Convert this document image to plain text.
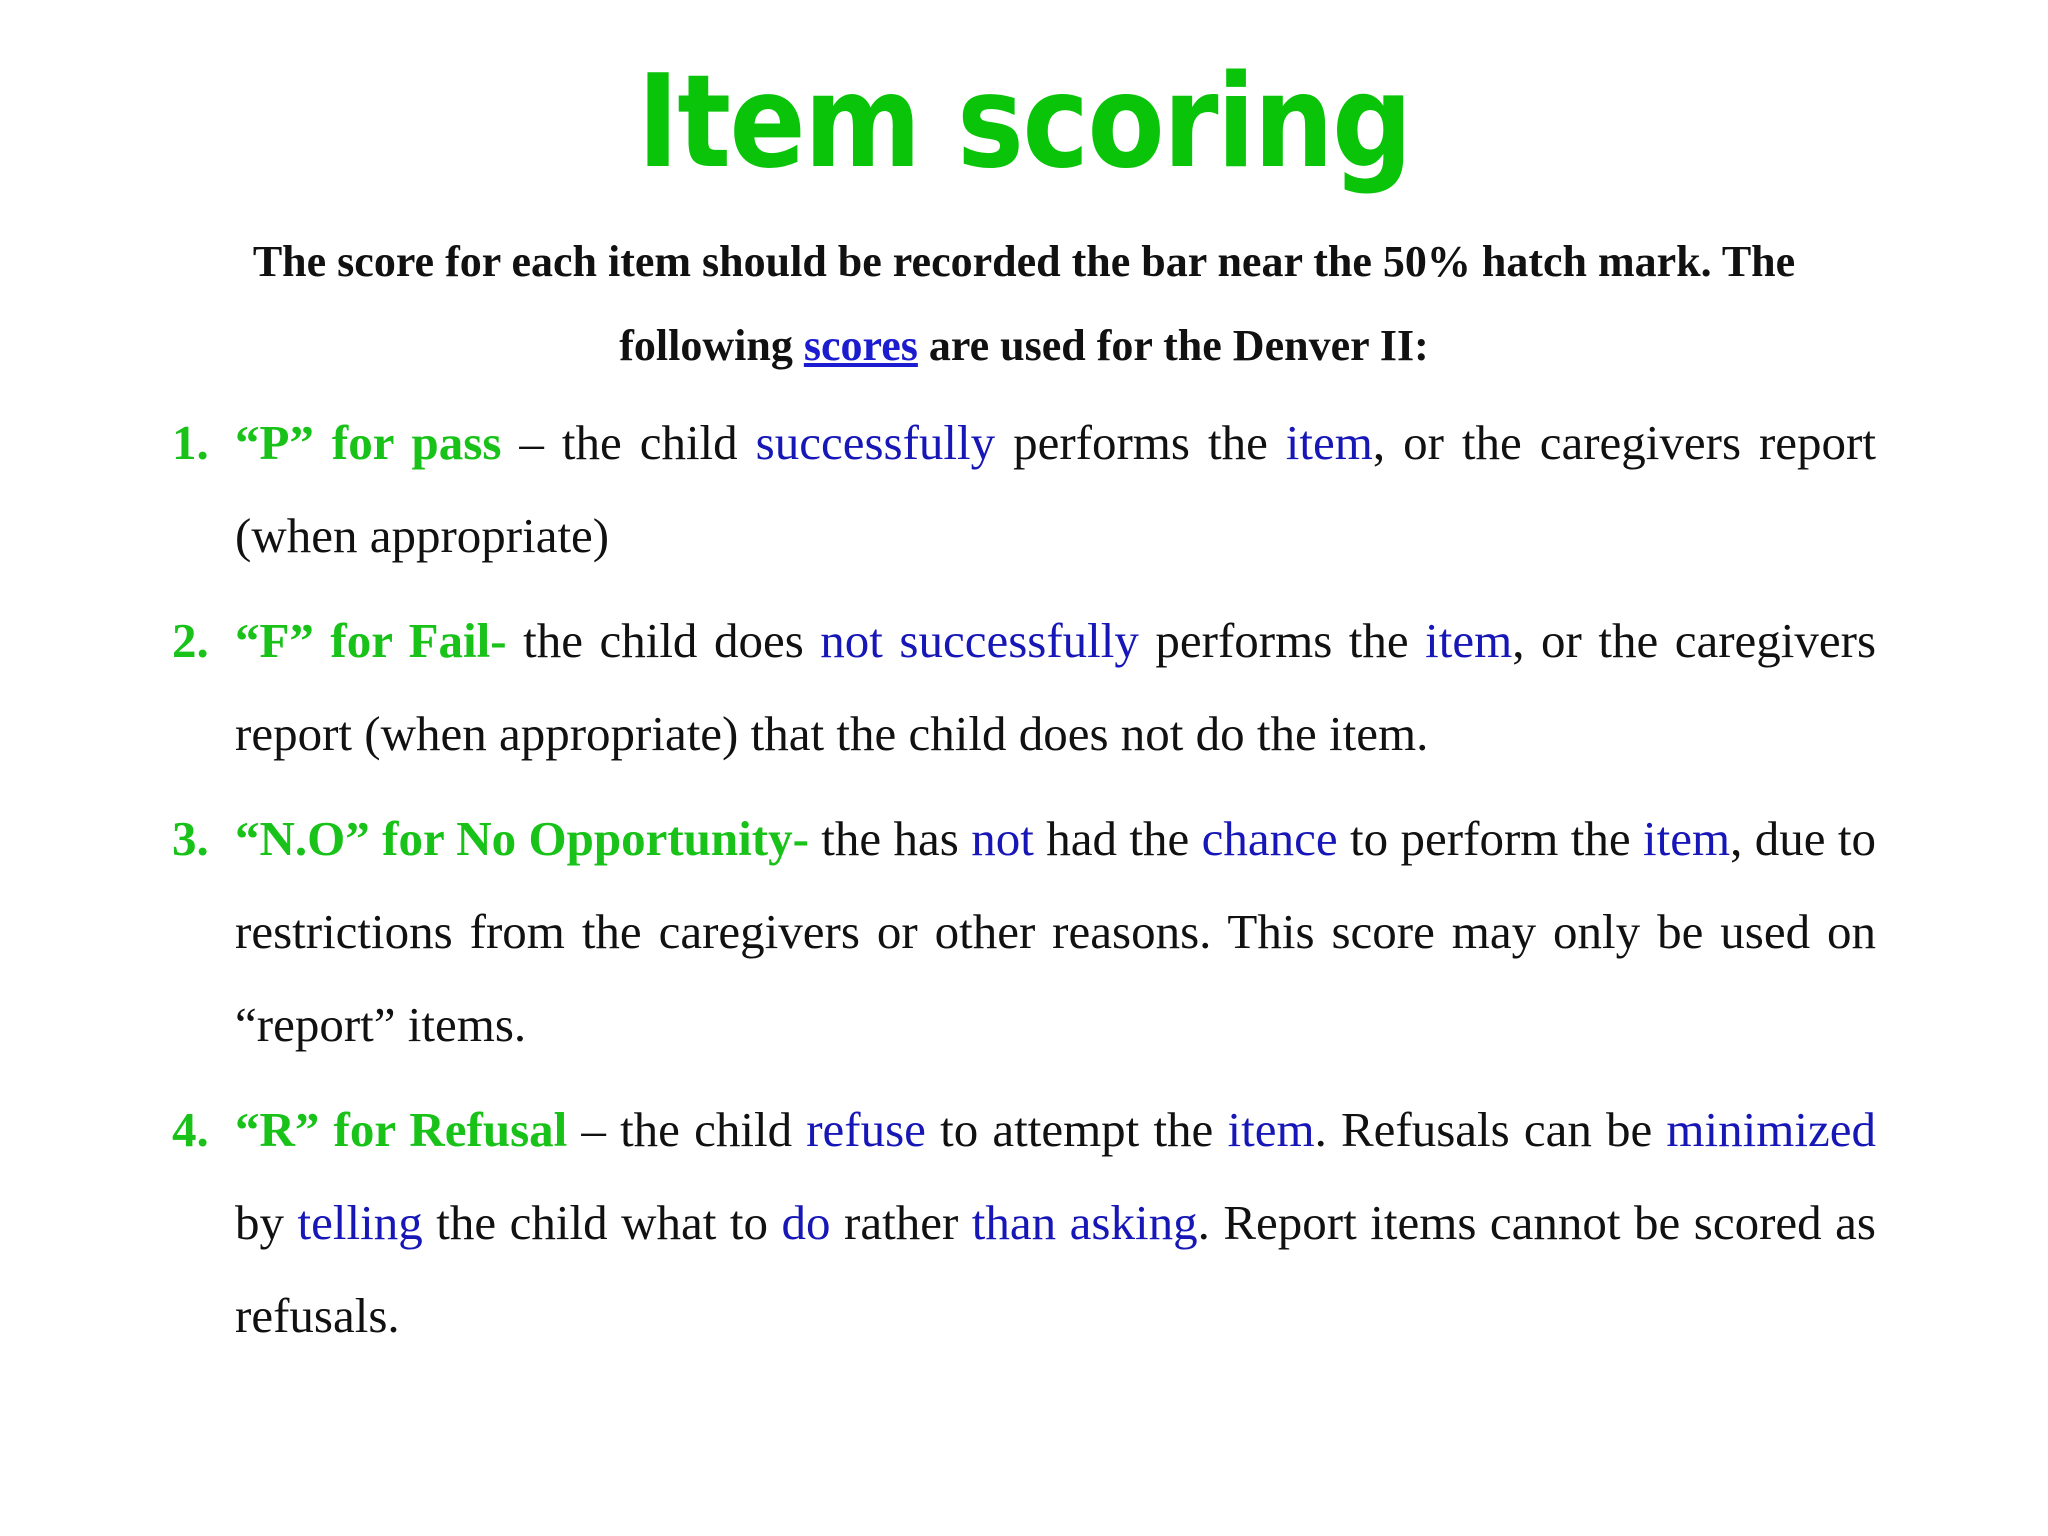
Item scoring

The score for each item should be recorded the bar near the 50% hatch mark. The following scores are used for the Denver II:

1. “P” for pass – the child successfully performs the item, or the caregivers report (when appropriate)
2. “F” for Fail- the child does not successfully performs the item, or the caregivers report (when appropriate) that the child does not do the item.
3. “N.O” for No Opportunity- the has not had the chance to perform the item, due to restrictions from the caregivers or other reasons. This score may only be used on “report” items.
4. “R” for Refusal – the child refuse to attempt the item. Refusals can be minimized by telling the child what to do rather than asking. Report items cannot be scored as refusals.
